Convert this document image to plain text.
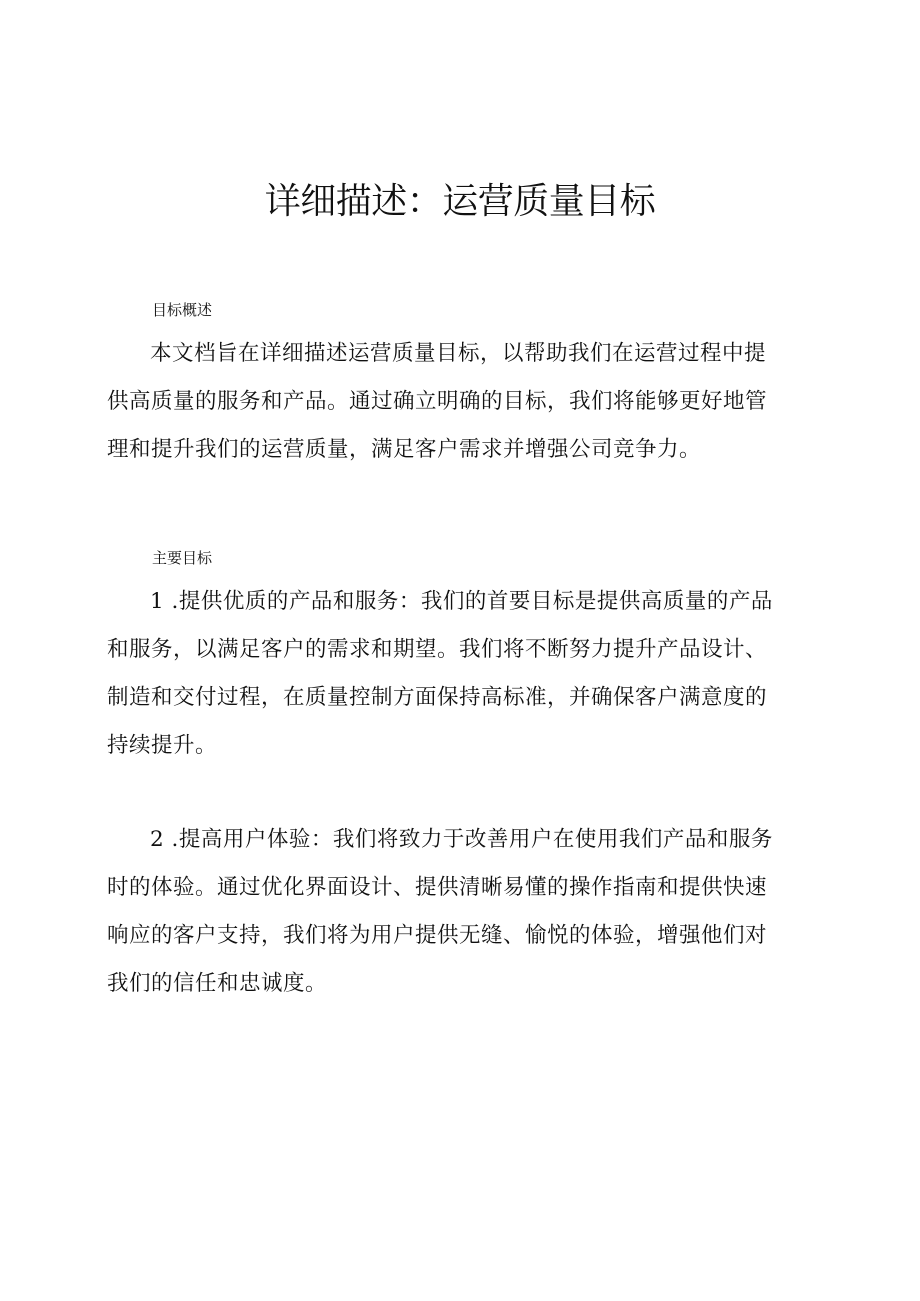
详细描述：运营质量目标
目标概述

本文档旨在详细描述运营质量目标，以帮助我们在运营过程中提
供高质量的服务和产品。通过确立明确的目标，我们将能够更好地管
理和提升我们的运营质量，满足客户需求并增强公司竞争力。

主要目标

1 .提供优质的产品和服务：我们的首要目标是提供高质量的产品
和服务，以满足客户的需求和期望。我们将不断努力提升产品设计、
制造和交付过程，在质量控制方面保持高标准，并确保客户满意度的
持续提升。

2 .提高用户体验：我们将致力于改善用户在使用我们产品和服务
时的体验。通过优化界面设计、提供清晰易懂的操作指南和提供快速
响应的客户支持，我们将为用户提供无缝、愉悦的体验，增强他们对
我们的信任和忠诚度。
